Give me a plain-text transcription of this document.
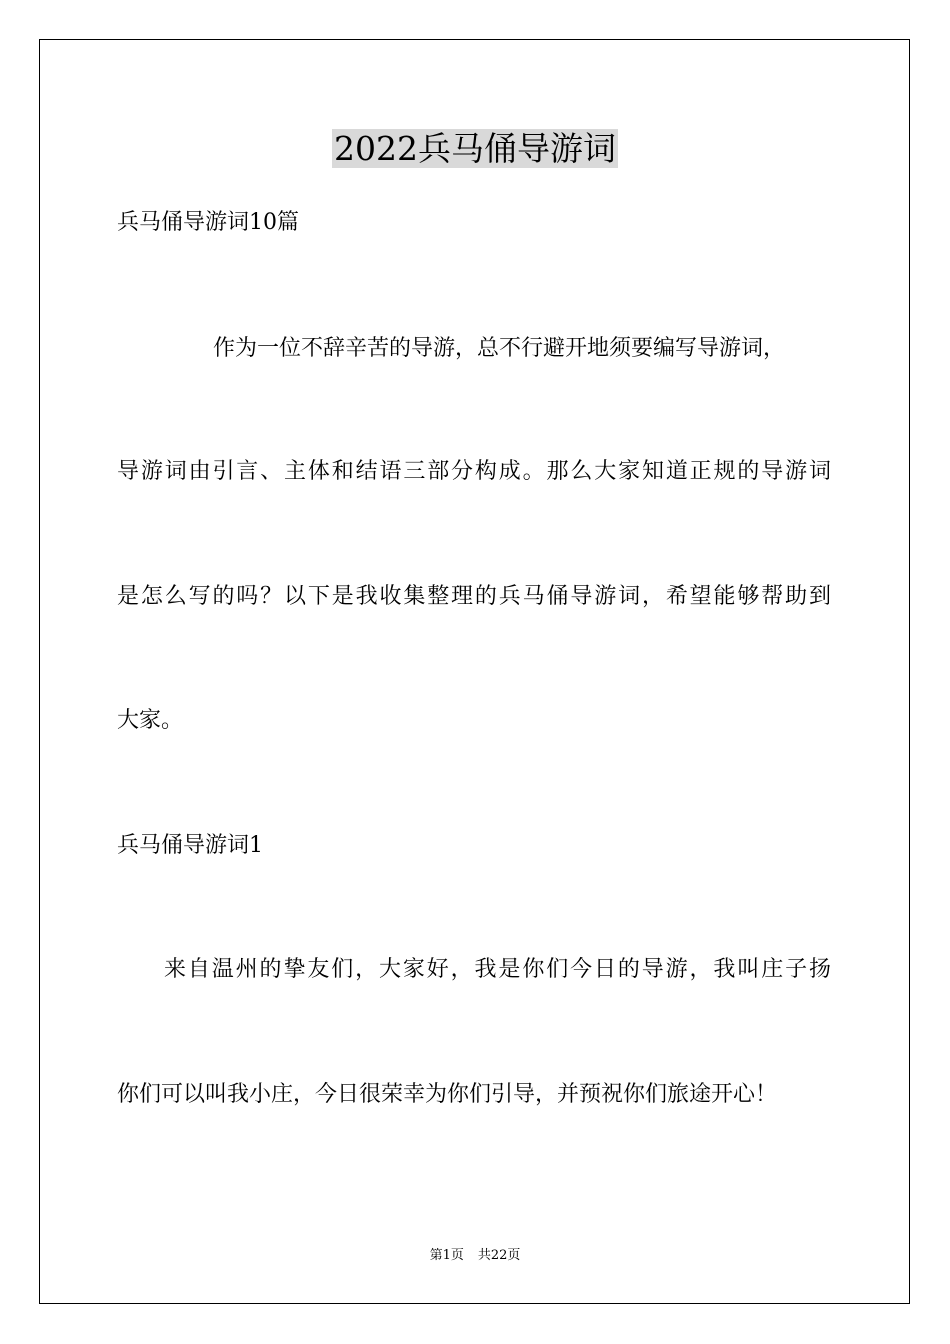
2022兵马俑导游词

兵马俑导游词10篇

作为一位不辞辛苦的导游，总不行避开地须要编写导游词，

导游词由引言、主体和结语三部分构成。那么大家知道正规的导游词

是怎么写的吗？以下是我收集整理的兵马俑导游词，希望能够帮助到

大家。

兵马俑导游词1

来自温州的挚友们，大家好，我是你们今日的导游，我叫庄子扬

你们可以叫我小庄，今日很荣幸为你们引导，并预祝你们旅途开心！

第1页 共22页
